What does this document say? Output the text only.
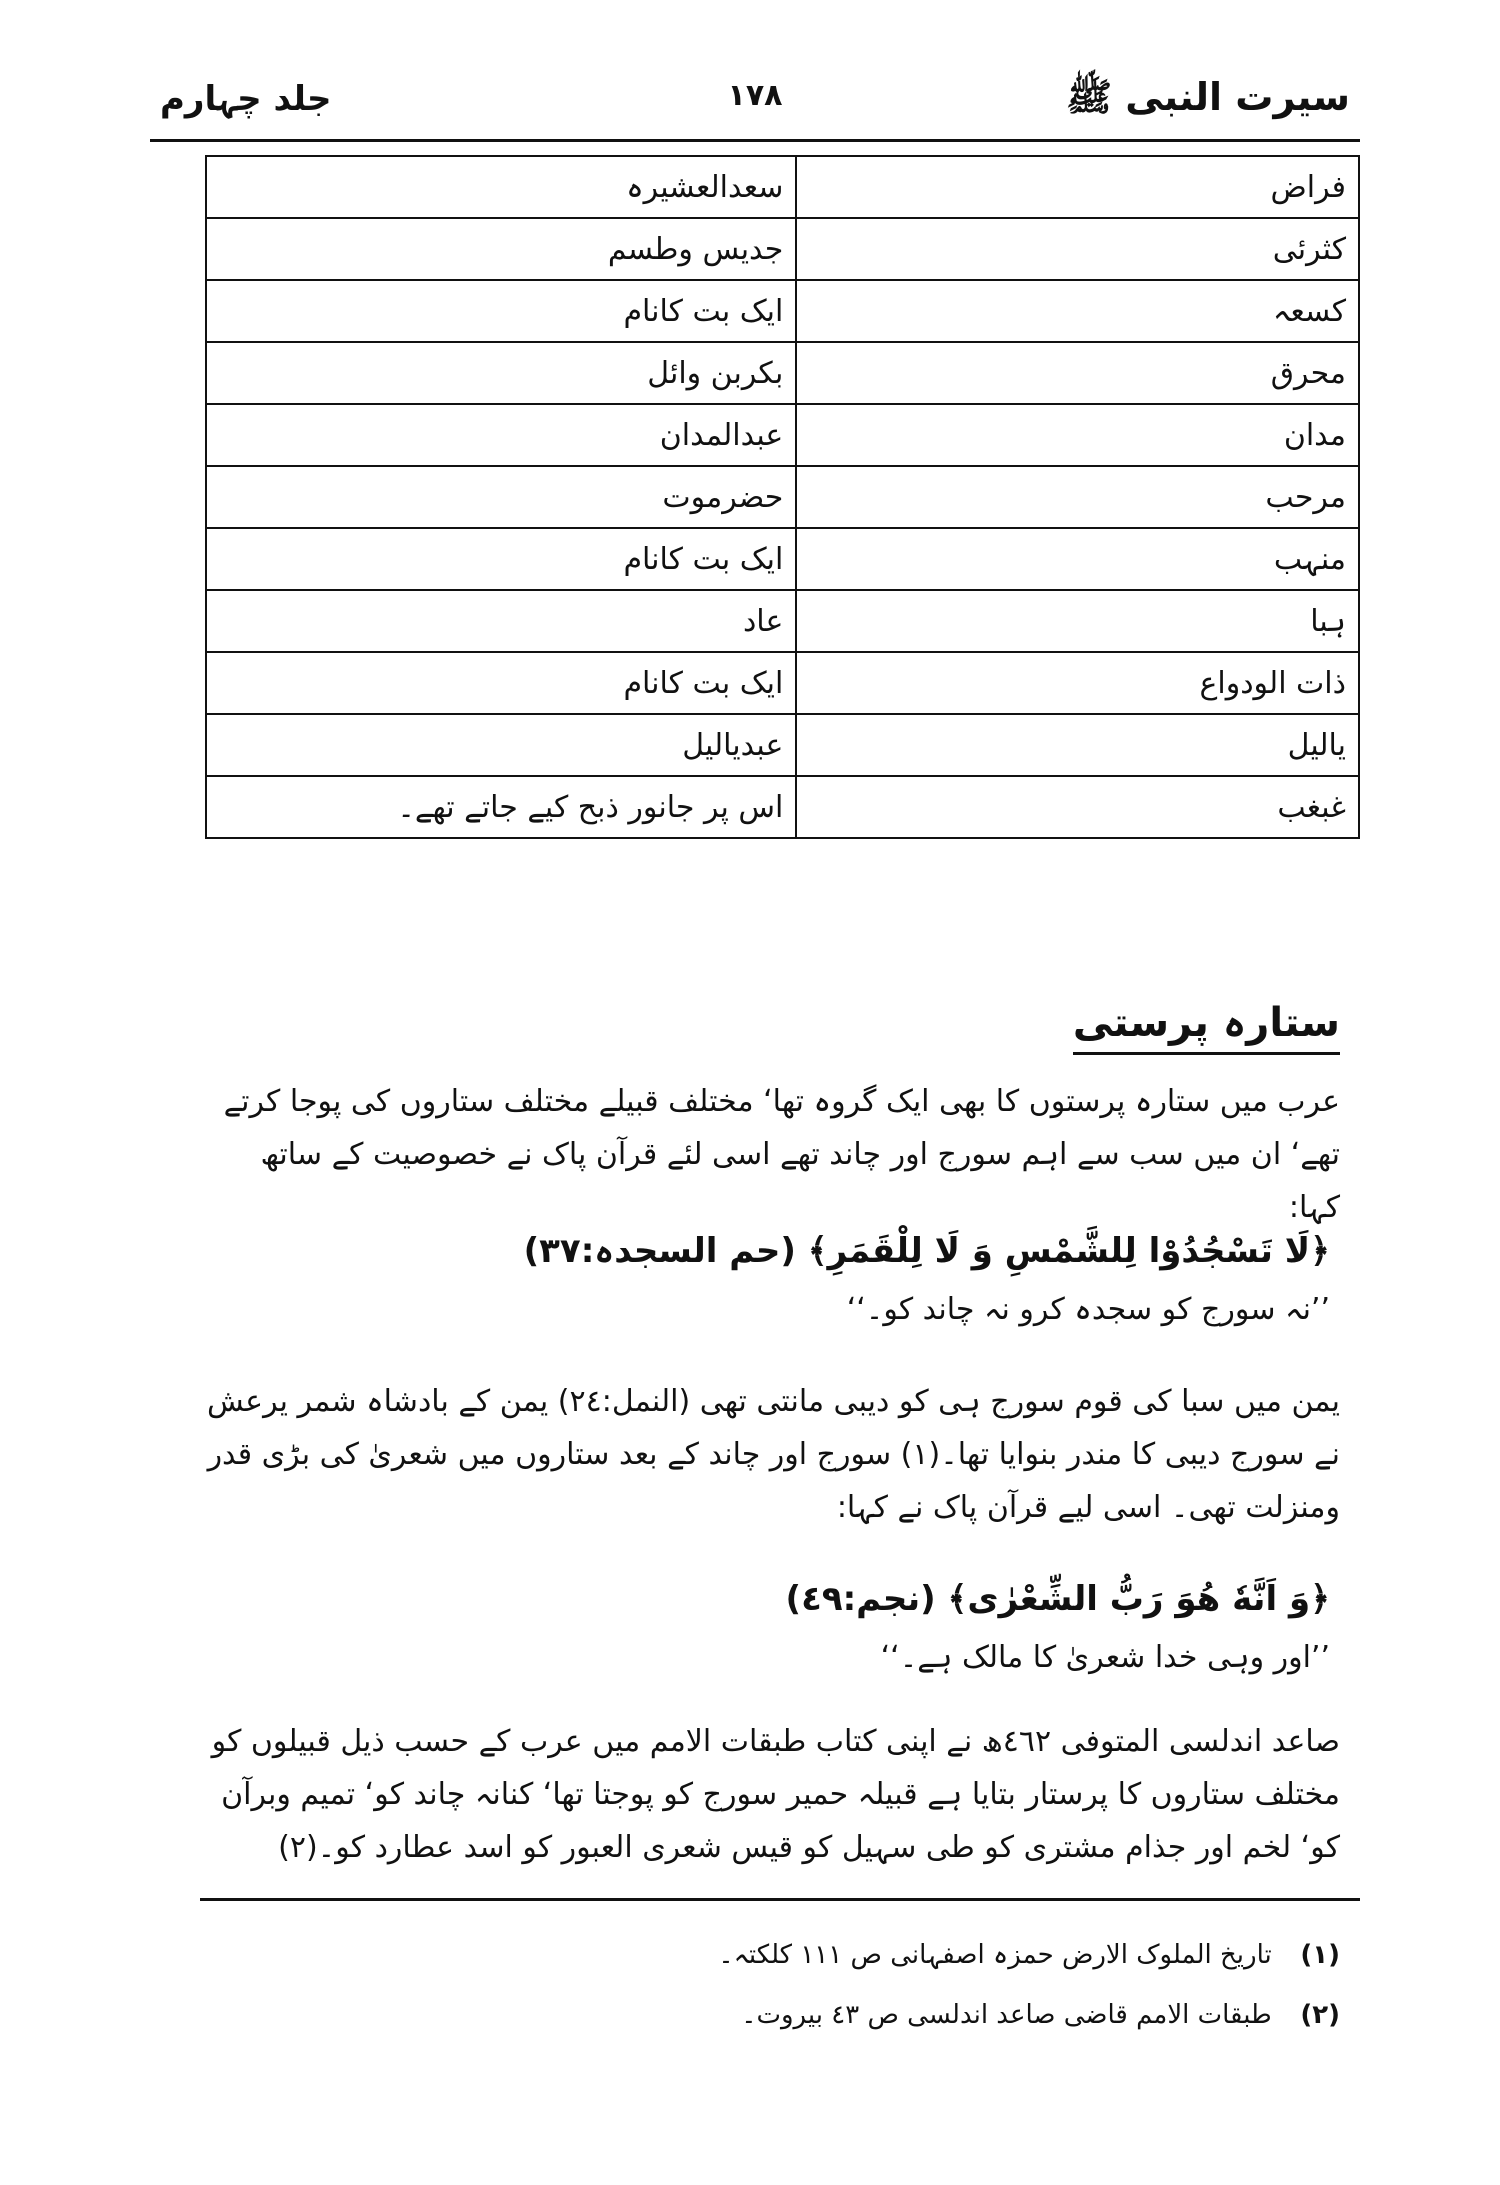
جلد چہارم	١٧٨	سیرت النبی ﷺ
فراض	سعدالعشیرہ
کثرئی	جدیس وطسم
کسعہ	ایک بت کانام
محرق	بکربن وائل
مدان	عبدالمدان
مرحب	حضرموت
منہب	ایک بت کانام
ہبا	عاد
ذات الودواع	ایک بت کانام
یالیل	عبدیالیل
غبغب	اس پر جانور ذبح کیے جاتے تھے۔
ستارہ پرستی
عرب میں ستارہ پرستوں کا بھی ایک گروہ تھا‘ مختلف قبیلے مختلف ستاروں کی پوجا کرتے تھے‘ ان میں سب سے اہم سورج اور چاند تھے اسی لئے قرآن پاک نے خصوصیت کے ساتھ کہا:
﴿لَا تَسْجُدُوْا لِلشَّمْسِ وَ لَا لِلْقَمَرِ﴾ (حم السجدہ:٣٧)
’’نہ سورج کو سجدہ کرو نہ چاند کو۔‘‘
یمن میں سبا کی قوم سورج ہی کو دیبی مانتی تھی (النمل:٢٤) یمن کے بادشاہ شمر یرعش نے سورج دیبی کا مندر بنوایا تھا۔(١) سورج اور چاند کے بعد ستاروں میں شعریٰ کی بڑی قدر ومنزلت تھی۔ اسی لیے قرآن پاک نے کہا:
﴿وَ اَنَّهٗ هُوَ رَبُّ الشِّعْرٰى﴾ (نجم:٤٩)
’’اور وہی خدا شعریٰ کا مالک ہے۔‘‘
صاعد اندلسی المتوفی ٤٦٢ھ نے اپنی کتاب طبقات الامم میں عرب کے حسب ذیل قبیلوں کو مختلف ستاروں کا پرستار بتایا ہے قبیلہ حمیر سورج کو پوجتا تھا‘ کنانہ چاند کو‘ تمیم وبرآن کو‘ لخم اور جذام مشتری کو طی سہیل کو قیس شعری العبور کو اسد عطارد کو۔(٢)
(١) تاریخ الملوک الارض حمزہ اصفہانی ص ١١١ کلکتہ۔
(٢) طبقات الامم قاضی صاعد اندلسی ص ٤٣ بیروت۔
